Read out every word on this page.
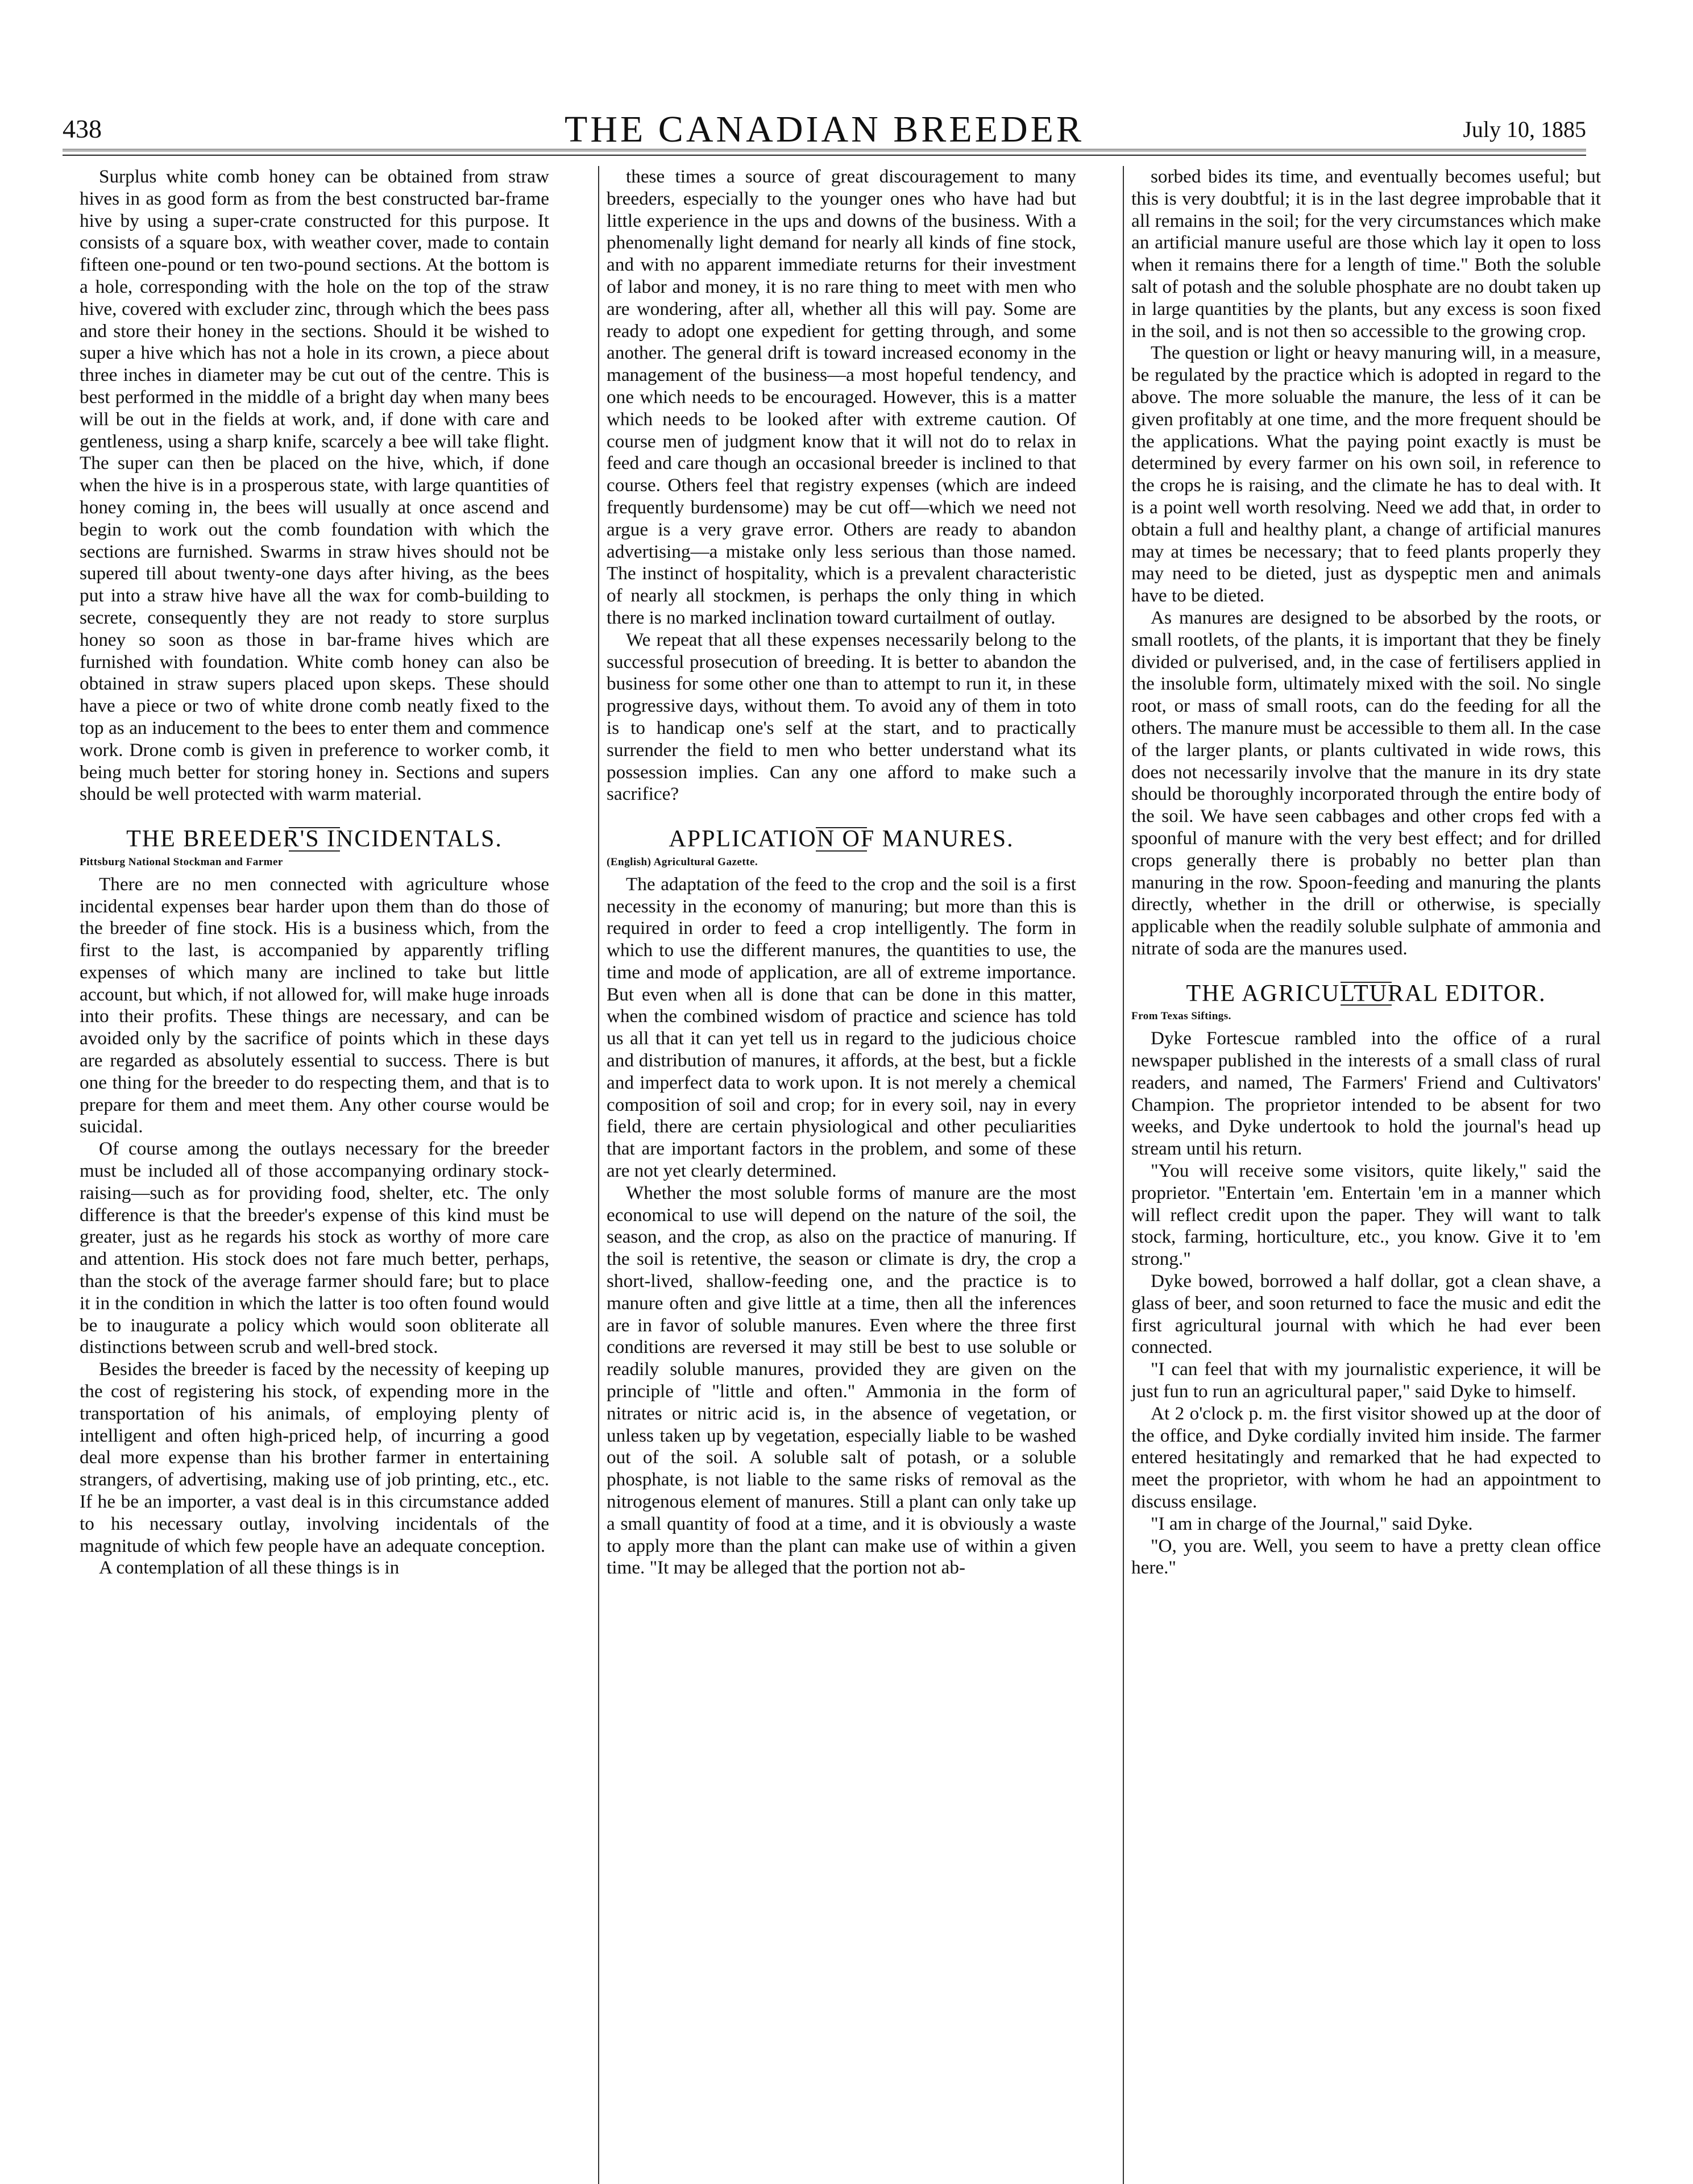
438	THE CANADIAN BREEDER	July 10, 1885

Surplus white comb honey can be obtained from straw hives in as good form as from the best constructed bar-frame hive by using a super-crate constructed for this purpose. It consists of a square box, with weather cover, made to contain fifteen one-pound or ten two-pound sections. At the bottom is a hole, corresponding with the hole on the top of the straw hive, covered with excluder zinc, through which the bees pass and store their honey in the sections. Should it be wished to super a hive which has not a hole in its crown, a piece about three inches in diameter may be cut out of the centre. This is best performed in the middle of a bright day when many bees will be out in the fields at work, and, if done with care and gentleness, using a sharp knife, scarcely a bee will take flight. The super can then be placed on the hive, which, if done when the hive is in a prosperous state, with large quantities of honey coming in, the bees will usually at once ascend and begin to work out the comb foundation with which the sections are furnished. Swarms in straw hives should not be supered till about twenty-one days after hiving, as the bees put into a straw hive have all the wax for comb-building to secrete, consequently they are not ready to store surplus honey so soon as those in bar-frame hives which are furnished with foundation. White comb honey can also be obtained in straw supers placed upon skeps. These should have a piece or two of white drone comb neatly fixed to the top as an inducement to the bees to enter them and commence work. Drone comb is given in preference to worker comb, it being much better for storing honey in. Sections and supers should be well protected with warm material.

THE BREEDER'S INCIDENTALS.

Pittsburg National Stockman and Farmer

There are no men connected with agriculture whose incidental expenses bear harder upon them than do those of the breeder of fine stock. His is a business which, from the first to the last, is accompanied by apparently trifling expenses of which many are inclined to take but little account, but which, if not allowed for, will make huge inroads into their profits. These things are necessary, and can be avoided only by the sacrifice of points which in these days are regarded as absolutely essential to success. There is but one thing for the breeder to do respecting them, and that is to prepare for them and meet them. Any other course would be suicidal.

Of course among the outlays necessary for the breeder must be included all of those accompanying ordinary stock-raising—such as for providing food, shelter, etc. The only difference is that the breeder's expense of this kind must be greater, just as he regards his stock as worthy of more care and attention. His stock does not fare much better, perhaps, than the stock of the average farmer should fare; but to place it in the condition in which the latter is too often found would be to inaugurate a policy which would soon obliterate all distinctions between scrub and well-bred stock.

Besides the breeder is faced by the necessity of keeping up the cost of registering his stock, of expending more in the transportation of his animals, of employing plenty of intelligent and often high-priced help, of incurring a good deal more expense than his brother farmer in entertaining strangers, of advertising, making use of job printing, etc., etc. If he be an importer, a vast deal is in this circumstance added to his necessary outlay, involving incidentals of the magnitude of which few people have an adequate conception.

A contemplation of all these things is in

these times a source of great discouragement to many breeders, especially to the younger ones who have had but little experience in the ups and downs of the business. With a phenomenally light demand for nearly all kinds of fine stock, and with no apparent immediate returns for their investment of labor and money, it is no rare thing to meet with men who are wondering, after all, whether all this will pay. Some are ready to adopt one expedient for getting through, and some another. The general drift is toward increased economy in the management of the business—a most hopeful tendency, and one which needs to be encouraged. However, this is a matter which needs to be looked after with extreme caution. Of course men of judgment know that it will not do to relax in feed and care though an occasional breeder is inclined to that course. Others feel that registry expenses (which are indeed frequently burdensome) may be cut off—which we need not argue is a very grave error. Others are ready to abandon advertising—a mistake only less serious than those named. The instinct of hospitality, which is a prevalent characteristic of nearly all stockmen, is perhaps the only thing in which there is no marked inclination toward curtailment of outlay.

We repeat that all these expenses necessarily belong to the successful prosecution of breeding. It is better to abandon the business for some other one than to attempt to run it, in these progressive days, without them. To avoid any of them in toto is to handicap one's self at the start, and to practically surrender the field to men who better understand what its possession implies. Can any one afford to make such a sacrifice?

APPLICATION OF MANURES.

(English) Agricultural Gazette.

The adaptation of the feed to the crop and the soil is a first necessity in the economy of manuring; but more than this is required in order to feed a crop intelligently. The form in which to use the different manures, the quantities to use, the time and mode of application, are all of extreme importance. But even when all is done that can be done in this matter, when the combined wisdom of practice and science has told us all that it can yet tell us in regard to the judicious choice and distribution of manures, it affords, at the best, but a fickle and imperfect data to work upon. It is not merely a chemical composition of soil and crop; for in every soil, nay in every field, there are certain physiological and other peculiarities that are important factors in the problem, and some of these are not yet clearly determined.

Whether the most soluble forms of manure are the most economical to use will depend on the nature of the soil, the season, and the crop, as also on the practice of manuring. If the soil is retentive, the season or climate is dry, the crop a short-lived, shallow-feeding one, and the practice is to manure often and give little at a time, then all the inferences are in favor of soluble manures. Even where the three first conditions are reversed it may still be best to use soluble or readily soluble manures, provided they are given on the principle of "little and often." Ammonia in the form of nitrates or nitric acid is, in the absence of vegetation, or unless taken up by vegetation, especially liable to be washed out of the soil. A soluble salt of potash, or a soluble phosphate, is not liable to the same risks of removal as the nitrogenous element of manures. Still a plant can only take up a small quantity of food at a time, and it is obviously a waste to apply more than the plant can make use of within a given time. "It may be alleged that the portion not ab-

sorbed bides its time, and eventually becomes useful; but this is very doubtful; it is in the last degree improbable that it all remains in the soil; for the very circumstances which make an artificial manure useful are those which lay it open to loss when it remains there for a length of time." Both the soluble salt of potash and the soluble phosphate are no doubt taken up in large quantities by the plants, but any excess is soon fixed in the soil, and is not then so accessible to the growing crop.

The question or light or heavy manuring will, in a measure, be regulated by the practice which is adopted in regard to the above. The more soluable the manure, the less of it can be given profitably at one time, and the more frequent should be the applications. What the paying point exactly is must be determined by every farmer on his own soil, in reference to the crops he is raising, and the climate he has to deal with. It is a point well worth resolving. Need we add that, in order to obtain a full and healthy plant, a change of artificial manures may at times be necessary; that to feed plants properly they may need to be dieted, just as dyspeptic men and animals have to be dieted.

As manures are designed to be absorbed by the roots, or small rootlets, of the plants, it is important that they be finely divided or pulverised, and, in the case of fertilisers applied in the insoluble form, ultimately mixed with the soil. No single root, or mass of small roots, can do the feeding for all the others. The manure must be accessible to them all. In the case of the larger plants, or plants cultivated in wide rows, this does not necessarily involve that the manure in its dry state should be thoroughly incorporated through the entire body of the soil. We have seen cabbages and other crops fed with a spoonful of manure with the very best effect; and for drilled crops generally there is probably no better plan than manuring in the row. Spoon-feeding and manuring the plants directly, whether in the drill or otherwise, is specially applicable when the readily soluble sulphate of ammonia and nitrate of soda are the manures used.

THE AGRICULTURAL EDITOR.

From Texas Siftings.

Dyke Fortescue rambled into the office of a rural newspaper published in the interests of a small class of rural readers, and named, The Farmers' Friend and Cultivators' Champion. The proprietor intended to be absent for two weeks, and Dyke undertook to hold the journal's head up stream until his return.

"You will receive some visitors, quite likely," said the proprietor. "Entertain 'em. Entertain 'em in a manner which will reflect credit upon the paper. They will want to talk stock, farming, horticulture, etc., you know. Give it to 'em strong."

Dyke bowed, borrowed a half dollar, got a clean shave, a glass of beer, and soon returned to face the music and edit the first agricultural journal with which he had ever been connected.

"I can feel that with my journalistic experience, it will be just fun to run an agricultural paper," said Dyke to himself.

At 2 o'clock p. m. the first visitor showed up at the door of the office, and Dyke cordially invited him inside. The farmer entered hesitatingly and remarked that he had expected to meet the proprietor, with whom he had an appointment to discuss ensilage.

"I am in charge of the Journal," said Dyke.

"O, you are. Well, you seem to have a pretty clean office here."
